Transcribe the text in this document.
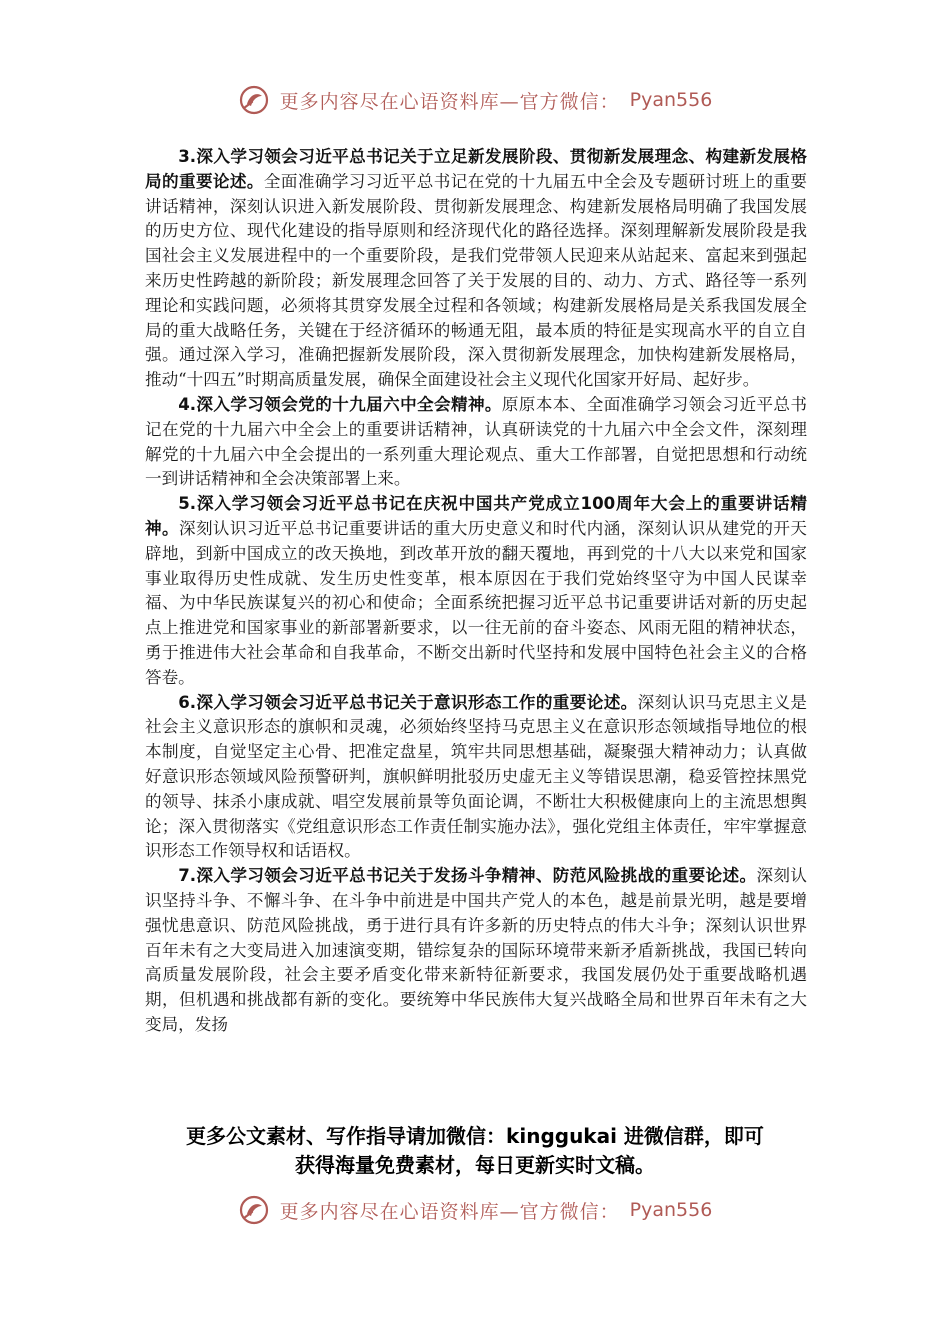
更多内容尽在心语资料库—官方微信： Pyan556

3.深入学习领会习近平总书记关于立足新发展阶段、贯彻新发展理念、构建新发展格局的重要论述。全面准确学习习近平总书记在党的十九届五中全会及专题研讨班上的重要讲话精神，深刻认识进入新发展阶段、贯彻新发展理念、构建新发展格局明确了我国发展的历史方位、现代化建设的指导原则和经济现代化的路径选择。深刻理解新发展阶段是我国社会主义发展进程中的一个重要阶段，是我们党带领人民迎来从站起来、富起来到强起来历史性跨越的新阶段；新发展理念回答了关于发展的目的、动力、方式、路径等一系列理论和实践问题，必须将其贯穿发展全过程和各领域；构建新发展格局是关系我国发展全局的重大战略任务，关键在于经济循环的畅通无阻，最本质的特征是实现高水平的自立自强。通过深入学习，准确把握新发展阶段，深入贯彻新发展理念，加快构建新发展格局，推动“十四五”时期高质量发展，确保全面建设社会主义现代化国家开好局、起好步。

4.深入学习领会党的十九届六中全会精神。原原本本、全面准确学习领会习近平总书记在党的十九届六中全会上的重要讲话精神，认真研读党的十九届六中全会文件，深刻理解党的十九届六中全会提出的一系列重大理论观点、重大工作部署，自觉把思想和行动统一到讲话精神和全会决策部署上来。

5.深入学习领会习近平总书记在庆祝中国共产党成立100周年大会上的重要讲话精神。深刻认识习近平总书记重要讲话的重大历史意义和时代内涵，深刻认识从建党的开天辟地，到新中国成立的改天换地，到改革开放的翻天覆地，再到党的十八大以来党和国家事业取得历史性成就、发生历史性变革，根本原因在于我们党始终坚守为中国人民谋幸福、为中华民族谋复兴的初心和使命；全面系统把握习近平总书记重要讲话对新的历史起点上推进党和国家事业的新部署新要求，以一往无前的奋斗姿态、风雨无阻的精神状态，勇于推进伟大社会革命和自我革命，不断交出新时代坚持和发展中国特色社会主义的合格答卷。

6.深入学习领会习近平总书记关于意识形态工作的重要论述。深刻认识马克思主义是社会主义意识形态的旗帜和灵魂，必须始终坚持马克思主义在意识形态领域指导地位的根本制度，自觉坚定主心骨、把准定盘星，筑牢共同思想基础，凝聚强大精神动力；认真做好意识形态领域风险预警研判，旗帜鲜明批驳历史虚无主义等错误思潮，稳妥管控抹黑党的领导、抹杀小康成就、唱空发展前景等负面论调，不断壮大积极健康向上的主流思想舆论；深入贯彻落实《党组意识形态工作责任制实施办法》，强化党组主体责任，牢牢掌握意识形态工作领导权和话语权。

7.深入学习领会习近平总书记关于发扬斗争精神、防范风险挑战的重要论述。深刻认识坚持斗争、不懈斗争、在斗争中前进是中国共产党人的本色，越是前景光明，越是要增强忧患意识、防范风险挑战，勇于进行具有许多新的历史特点的伟大斗争；深刻认识世界百年未有之大变局进入加速演变期，错综复杂的国际环境带来新矛盾新挑战，我国已转向高质量发展阶段，社会主要矛盾变化带来新特征新要求，我国发展仍处于重要战略机遇期，但机遇和挑战都有新的变化。要统筹中华民族伟大复兴战略全局和世界百年未有之大变局，发扬

更多公文素材、写作指导请加微信：kinggukai 进微信群，即可
获得海量免费素材，每日更新实时文稿。
更多内容尽在心语资料库—官方微信： Pyan556
